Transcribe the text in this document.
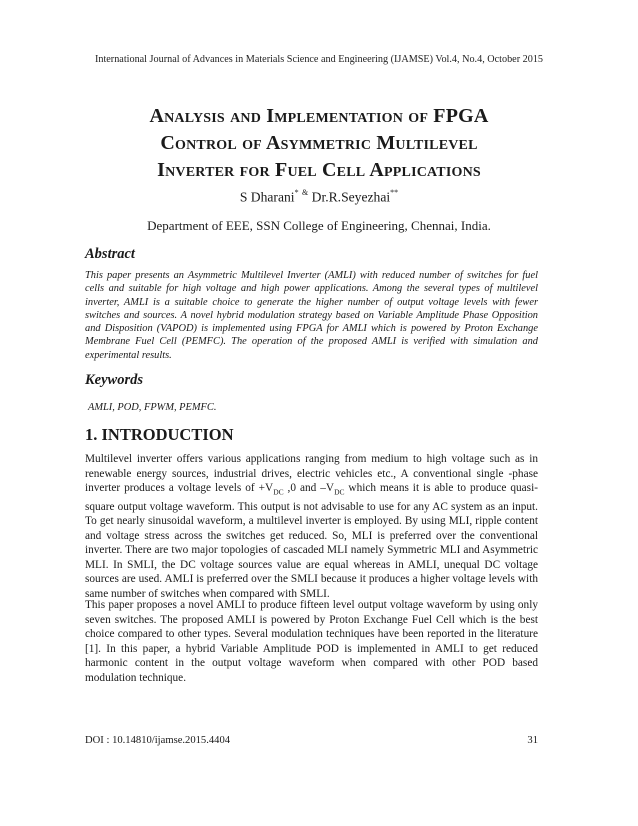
International Journal of Advances in Materials Science and Engineering (IJAMSE) Vol.4, No.4, October 2015
Analysis and Implementation of FPGA
Control of Asymmetric Multilevel
Inverter for Fuel Cell Applications
S Dharani* & Dr.R.Seyezhai**
Department of EEE, SSN College of Engineering, Chennai, India.
Abstract
This paper presents an Asymmetric Multilevel Inverter (AMLI) with reduced number of switches for fuel cells and suitable for high voltage and high power applications. Among the several types of multilevel inverter, AMLI is a suitable choice to generate the higher number of output voltage levels with fewer switches and sources. A novel hybrid modulation strategy based on Variable Amplitude Phase Opposition and Disposition (VAPOD) is implemented using FPGA for AMLI which is powered by Proton Exchange Membrane Fuel Cell (PEMFC). The operation of the proposed AMLI is verified with simulation and experimental results.
Keywords
AMLI, POD, FPWM, PEMFC.
1. INTRODUCTION
Multilevel inverter offers various applications ranging from medium to high voltage such as in renewable energy sources, industrial drives, electric vehicles etc., A conventional single -phase inverter produces a voltage levels of $+V_{DC}$ ,0 and $-V_{DC}$ which means it is able to produce quasi-square output voltage waveform. This output is not advisable to use for any AC system as an input. To get nearly sinusoidal waveform, a multilevel inverter is employed. By using MLI, ripple content and voltage stress across the switches get reduced. So, MLI is preferred over the conventional inverter. There are two major topologies of cascaded MLI namely Symmetric MLI and Asymmetric MLI. In SMLI, the DC voltage sources value are equal whereas in AMLI, unequal DC voltage sources are used. AMLI is preferred over the SMLI because it produces a higher voltage levels with same number of switches when compared with SMLI.
This paper proposes a novel AMLI to produce fifteen level output voltage waveform by using only seven switches. The proposed AMLI is powered by Proton Exchange Fuel Cell which is the best choice compared to other types. Several modulation techniques have been reported in the literature [1]. In this paper, a hybrid Variable Amplitude POD is implemented in AMLI to get reduced harmonic content in the output voltage waveform when compared with other POD based modulation technique.
DOI : 10.14810/ijamse.2015.4404	31
